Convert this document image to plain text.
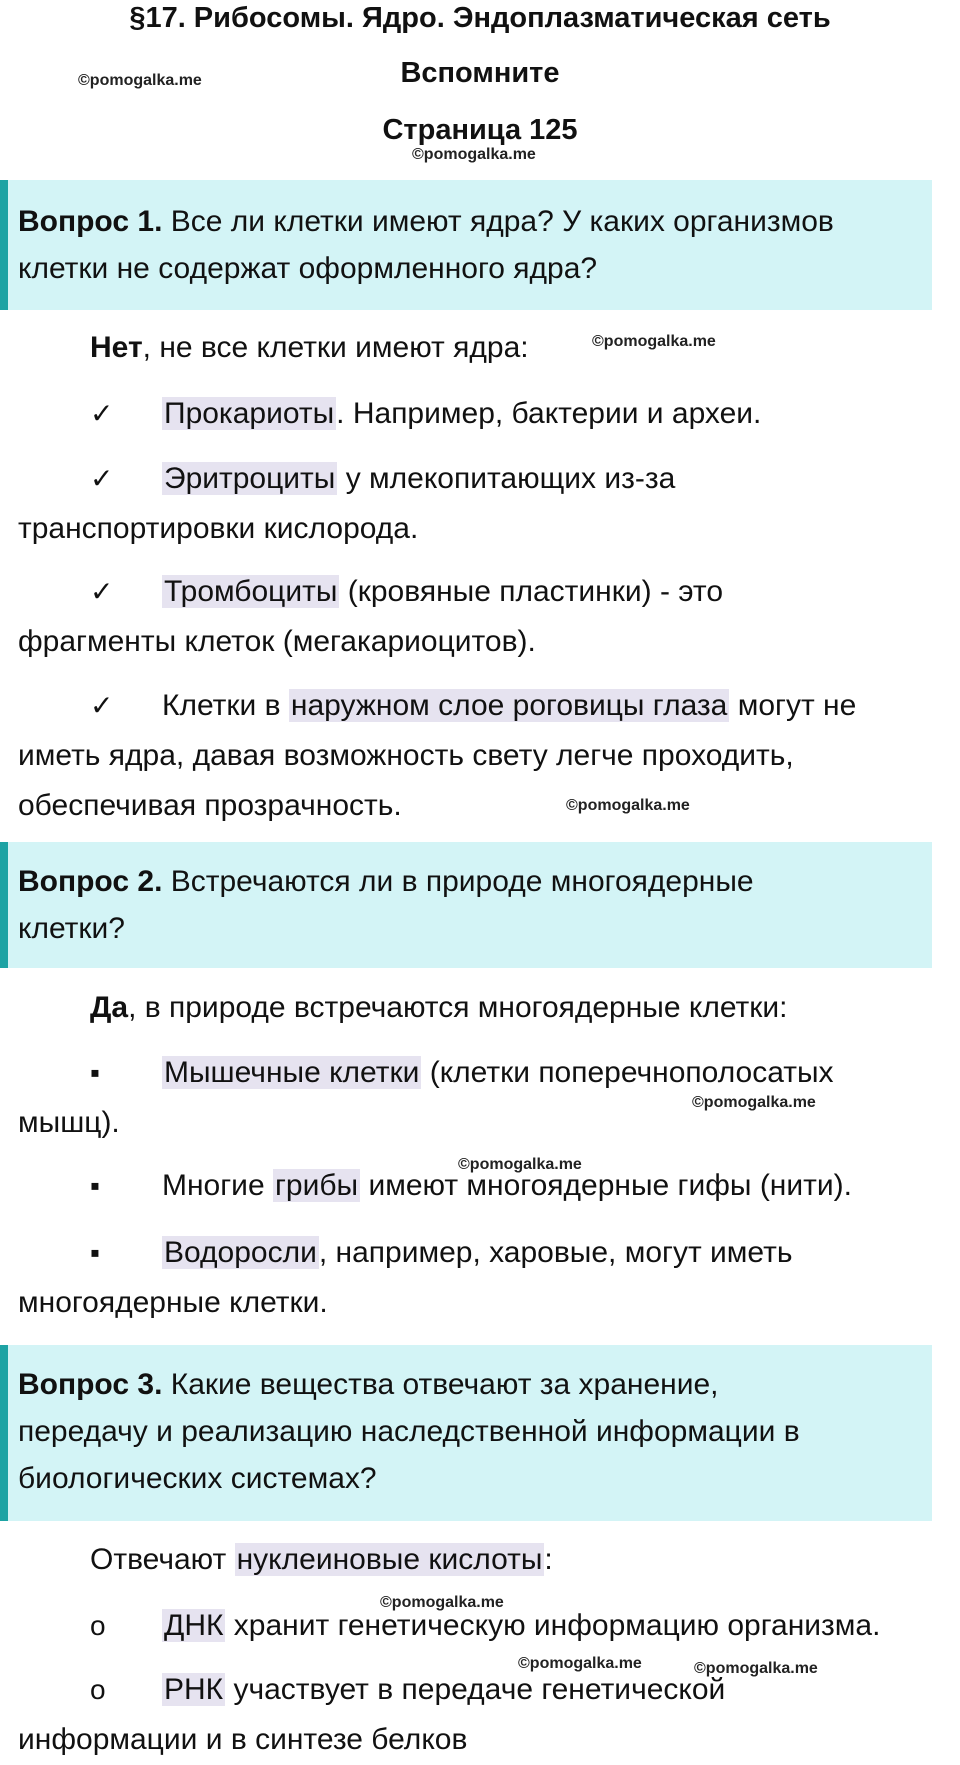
§17. Рибосомы. Ядро. Эндоплазматическая сеть
Вспомните
Страница 125
©pomogalka.me
©pomogalka.me
©pomogalka.me
©pomogalka.me
©pomogalka.me
©pomogalka.me
©pomogalka.me
©pomogalka.me	©pomogalka.me
Вопрос 1. Все ли клетки имеют ядра? У каких организмов
клетки не содержат оформленного ядра?
Нет, не все клетки имеют ядра:
✓ Прокариоты. Например, бактерии и археи.
✓ Эритроциты у млекопитающих из-за
транспортировки кислорода.
✓ Тромбоциты (кровяные пластинки) - это
фрагменты клеток (мегакариоцитов).
✓ Клетки в наружном слое роговицы глаза могут не
иметь ядра, давая возможность свету легче проходить,
обеспечивая прозрачность.
Вопрос 2. Встречаются ли в природе многоядерные
клетки?
Да, в природе встречаются многоядерные клетки:
▪ Мышечные клетки (клетки поперечнополосатых
мышц).
▪ Многие грибы имеют многоядерные гифы (нити).
▪ Водоросли, например, харовые, могут иметь
многоядерные клетки.
Вопрос 3. Какие вещества отвечают за хранение,
передачу и реализацию наследственной информации в
биологических системах?
Отвечают нуклеиновые кислоты:
o ДНК хранит генетическую информацию организма.
o РНК участвует в передаче генетической
информации и в синтезе белков
